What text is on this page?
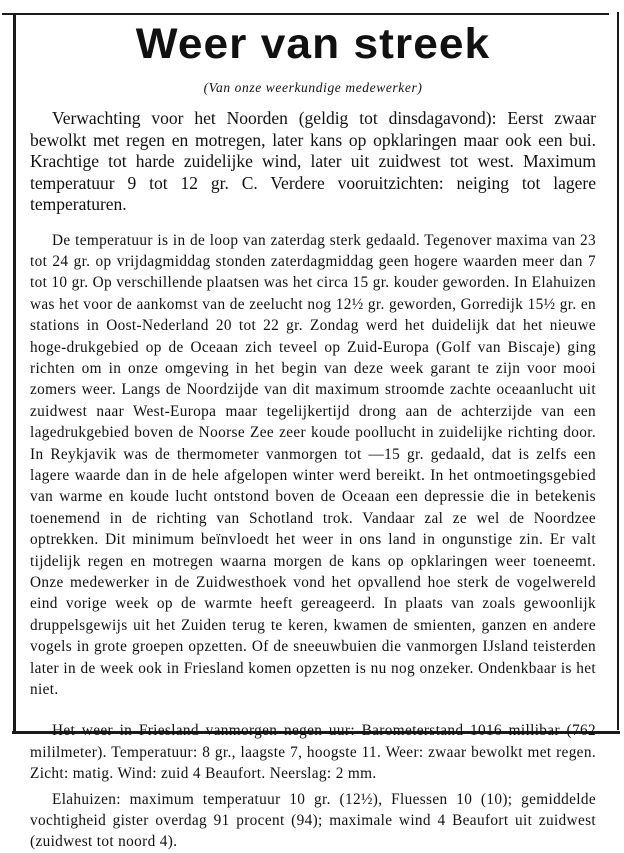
Weer van streek

(Van onze weerkundige medewerker)

Verwachting voor het Noorden (geldig tot dinsdagavond): Eerst zwaar bewolkt met regen en motregen, later kans op opklaringen maar ook een bui. Krachtige tot harde zuidelijke wind, later uit zuidwest tot west. Maximum temperatuur 9 tot 12 gr. C. Verdere vooruitzichten: neiging tot lagere temperaturen.

De temperatuur is in de loop van zaterdag sterk gedaald. Tegenover maxima van 23 tot 24 gr. op vrijdagmiddag stonden zaterdagmiddag geen hogere waarden meer dan 7 tot 10 gr. Op verschillende plaatsen was het circa 15 gr. kouder geworden. In Elahuizen was het voor de aankomst van de zeelucht nog 12½ gr. geworden, Gorredijk 15½ gr. en stations in Oost-Nederland 20 tot 22 gr. Zondag werd het duidelijk dat het nieuwe hoge-drukgebied op de Oceaan zich teveel op Zuid-Europa (Golf van Biscaje) ging richten om in onze omgeving in het begin van deze week garant te zijn voor mooi zomers weer. Langs de Noordzijde van dit maximum stroomde zachte oceaanlucht uit zuidwest naar West-Europa maar tegelijkertijd drong aan de achterzijde van een lagedrukgebied boven de Noorse Zee zeer koude poollucht in zuidelijke richting door. In Reykjavik was de thermometer vanmorgen tot —15 gr. gedaald, dat is zelfs een lagere waarde dan in de hele afgelopen winter werd bereikt. In het ontmoetingsgebied van warme en koude lucht ontstond boven de Oceaan een depressie die in betekenis toenemend in de richting van Schotland trok. Vandaar zal ze wel de Noordzee optrekken. Dit minimum beïnvloedt het weer in ons land in ongunstige zin. Er valt tijdelijk regen en motregen waarna morgen de kans op opklaringen weer toeneemt. Onze medewerker in de Zuidwesthoek vond het opvallend hoe sterk de vogelwereld eind vorige week op de warmte heeft gereageerd. In plaats van zoals gewoonlijk druppelsgewijs uit het Zuiden terug te keren, kwamen de smienten, ganzen en andere vogels in grote groepen opzetten. Of de sneeuwbuien die vanmorgen IJsland teisterden later in de week ook in Friesland komen opzetten is nu nog onzeker. Ondenkbaar is het niet.

Het weer in Friesland vanmorgen negen uur: Barometerstand 1016 millibar (762 mililmeter). Temperatuur: 8 gr., laagste 7, hoogste 11. Weer: zwaar bewolkt met regen. Zicht: matig. Wind: zuid 4 Beaufort. Neerslag: 2 mm.

Elahuizen: maximum temperatuur 10 gr. (12½), Fluessen 10 (10); gemiddelde vochtigheid gister overdag 91 procent (94); maximale wind 4 Beaufort uit zuidwest (zuidwest tot noord 4).
